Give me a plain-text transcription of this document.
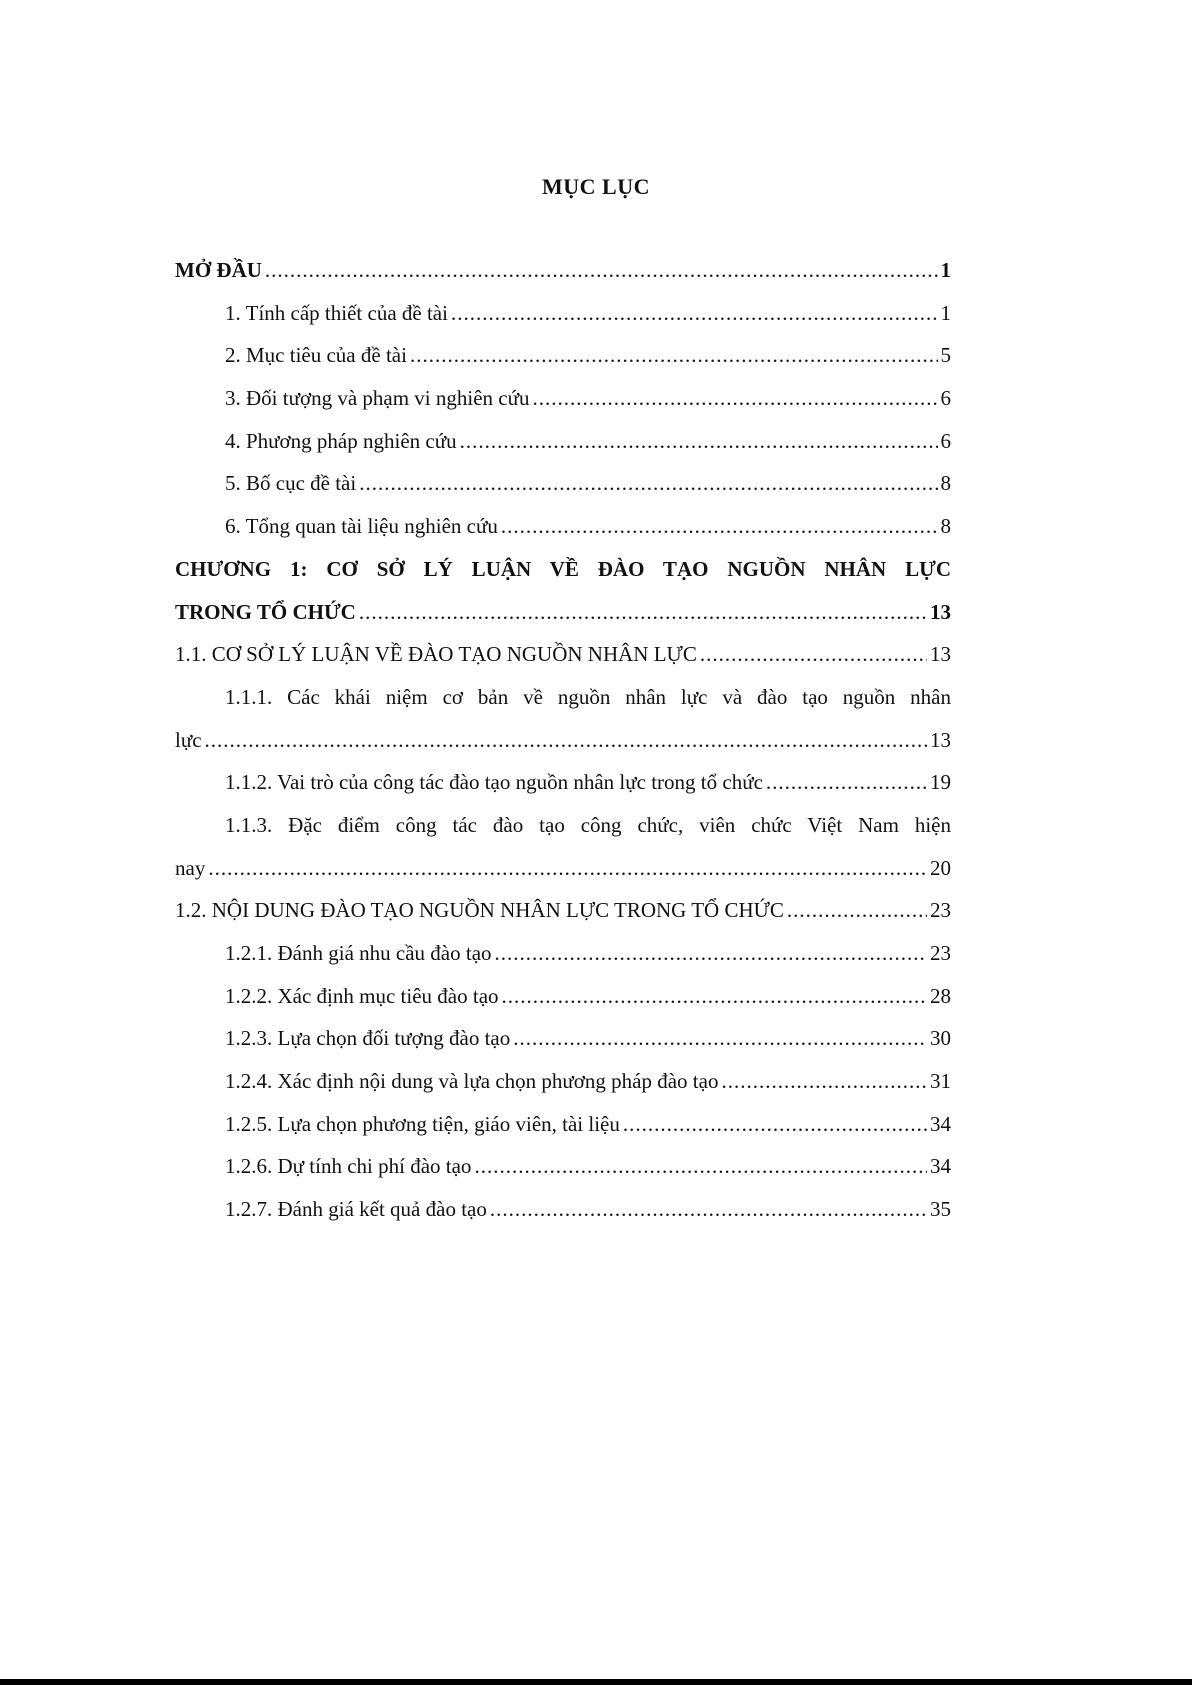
MỤC LỤC
MỞ ĐẦU .....	1
1. Tính cấp thiết của đề tài .....	1
2. Mục tiêu của đề tài .....	5
3. Đối tượng và phạm vi nghiên cứu .....	6
4. Phương pháp nghiên cứu .....	6
5. Bố cục đề tài .....	8
6. Tổng quan tài liệu nghiên cứu .....	8
CHƯƠNG 1: CƠ SỞ LÝ LUẬN VỀ ĐÀO TẠO NGUỒN NHÂN LỰC
TRONG TỔ CHỨC .....	13
1.1. CƠ SỞ LÝ LUẬN VỀ ĐÀO TẠO NGUỒN NHÂN LỰC .....	13
1.1.1. Các khái niệm cơ bản về nguồn nhân lực và đào tạo nguồn nhân
lực .....	13
1.1.2. Vai trò của công tác đào tạo nguồn nhân lực trong tổ chức .....	19
1.1.3. Đặc điểm công tác đào tạo công chức, viên chức Việt Nam hiện
nay .....	20
1.2. NỘI DUNG ĐÀO TẠO NGUỒN NHÂN LỰC TRONG TỔ CHỨC .....	23
1.2.1. Đánh giá nhu cầu đào tạo .....	23
1.2.2. Xác định mục tiêu đào tạo .....	28
1.2.3. Lựa chọn đối tượng đào tạo .....	30
1.2.4. Xác định nội dung và lựa chọn phương pháp đào tạo .....	31
1.2.5. Lựa chọn phương tiện, giáo viên, tài liệu .....	34
1.2.6. Dự tính chi phí đào tạo .....	34
1.2.7. Đánh giá kết quả đào tạo .....	35
